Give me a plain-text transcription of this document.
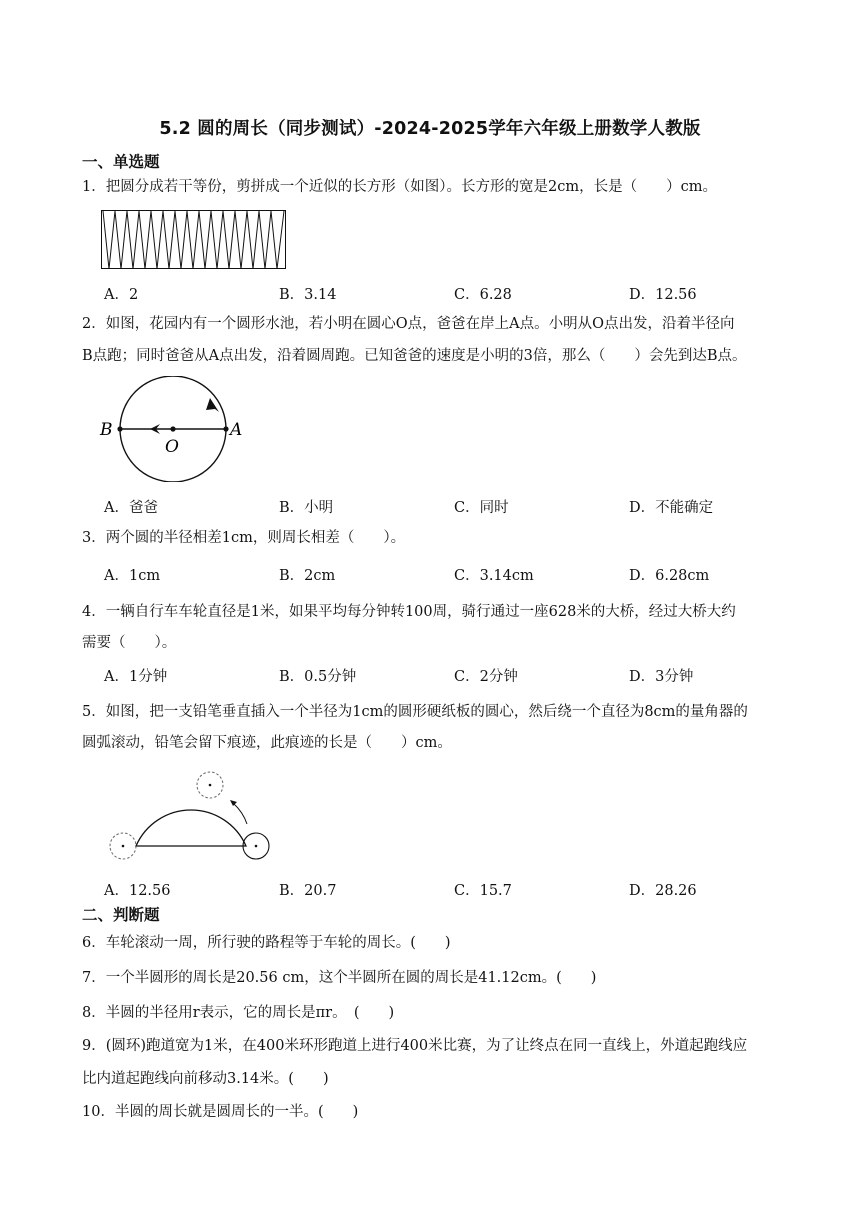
5.2 圆的周长（同步测试）-2024-2025学年六年级上册数学人教版
一、单选题
1．把圆分成若干等份，剪拼成一个近似的长方形（如图）。长方形的宽是2cm，长是（　　）cm。
A．2	B．3.14	C．6.28	D．12.56
2．如图，花园内有一个圆形水池，若小明在圆心O点，爸爸在岸上A点。小明从O点出发，沿着半径向
B点跑；同时爸爸从A点出发，沿着圆周跑。已知爸爸的速度是小明的3倍，那么（　　）会先到达B点。
B
O
A
A．爸爸	B．小明	C．同时	D．不能确定
3．两个圆的半径相差1cm，则周长相差（　　）。
A．1cm	B．2cm	C．3.14cm	D．6.28cm
4．一辆自行车车轮直径是1米，如果平均每分钟转100周，骑行通过一座628米的大桥，经过大桥大约
需要（　　）。
A．1分钟	B．0.5分钟	C．2分钟	D．3分钟
5．如图，把一支铅笔垂直插入一个半径为1cm的圆形硬纸板的圆心，然后绕一个直径为8cm的量角器的
圆弧滚动，铅笔会留下痕迹，此痕迹的长是（　　）cm。
A．12.56	B．20.7	C．15.7	D．28.26
二、判断题
6．车轮滚动一周，所行驶的路程等于车轮的周长。(　　)
7．一个半圆形的周长是20.56 cm，这个半圆所在圆的周长是41.12cm。(　　)
8．半圆的半径用r表示，它的周长是πr。　(　　)
9．(圆环)跑道宽为1米，在400米环形跑道上进行400米比赛，为了让终点在同一直线上，外道起跑线应
比内道起跑线向前移动3.14米。(　　)
10．半圆的周长就是圆周长的一半。(　　)
